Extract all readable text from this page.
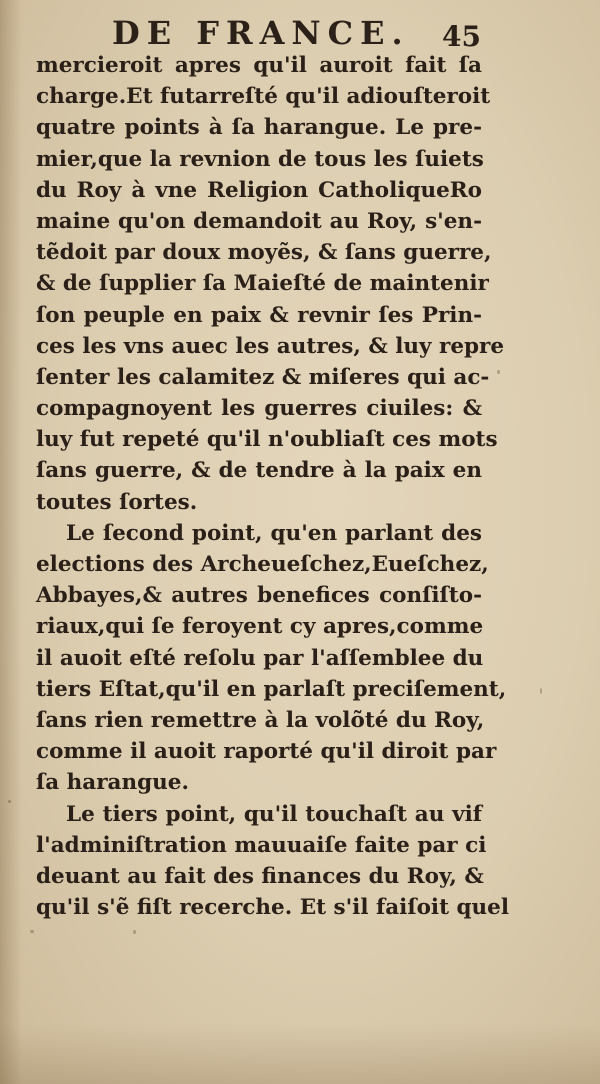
DE FRANCE. 45
mercieroit apres qu'il auroit fait ſa
charge.Et futarreſté qu'il adiouſteroit
quatre points à ſa harangue. Le pre-
mier,que la revnion de tous les ſuiets
du Roy à vne Religion CatholiqueRo
maine qu'on demandoit au Roy, s'en-
tẽdoit par doux moyẽs, & ſans guerre,
& de ſupplier ſa Maieſté de maintenir
ſon peuple en paix & revnir ſes Prin-
ces les vns auec les autres, & luy repre
ſenter les calamitez & miſeres qui ac-
compagnoyent les guerres ciuiles: &
luy fut repeté qu'il n'oubliaſt ces mots
ſans guerre, & de tendre à la paix en
toutes ſortes.
Le ſecond point, qu'en parlant des
elections des Archeueſchez,Eueſchez,
Abbayes,& autres benefices conſiſto-
riaux,qui ſe feroyent cy apres,comme
il auoit eſté reſolu par l'aſſemblee du
tiers Eſtat,qu'il en parlaſt preciſement,
ſans rien remettre à la volõté du Roy,
comme il auoit raporté qu'il diroit par
ſa harangue.
Le tiers point, qu'il touchaſt au vif
l'adminiſtration mauuaiſe faite par ci
deuant au fait des finances du Roy, &
qu'il s'ẽ fiſt recerche. Et s'il faiſoit quel
